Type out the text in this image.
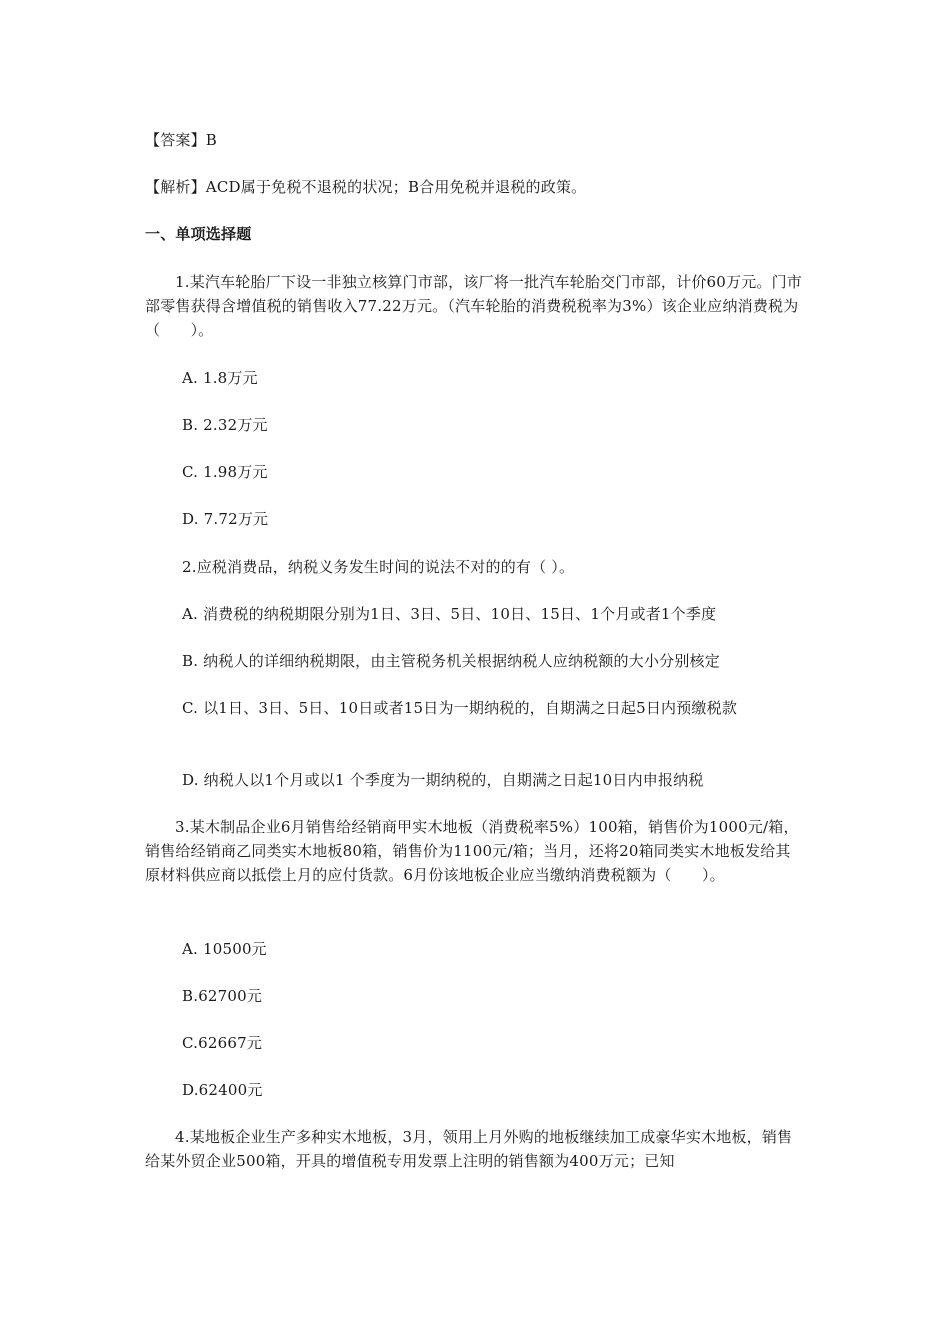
【答案】B
【解析】ACD属于免税不退税的状况；B合用免税并退税的政策。
一、单项选择题
1.某汽车轮胎厂下设一非独立核算门市部，该厂将一批汽车轮胎交门市部，计价60万元。门市部零售获得含增值税的销售收入77.22万元。（汽车轮胎的消费税税率为3%）该企业应纳消费税为（　　）。
A. 1.8万元
B. 2.32万元
C. 1.98万元
D. 7.72万元
2.应税消费品，纳税义务发生时间的说法不对的的有（ ）。
A. 消费税的纳税期限分别为1日、3日、5日、10日、15日、1个月或者1个季度
B. 纳税人的详细纳税期限，由主管税务机关根据纳税人应纳税额的大小分别核定
C. 以1日、3日、5日、10日或者15日为一期纳税的，自期满之日起5日内预缴税款
D. 纳税人以1个月或以1 个季度为一期纳税的，自期满之日起10日内申报纳税
3.某木制品企业6月销售给经销商甲实木地板（消费税率5%）100箱，销售价为1000元/箱，销售给经销商乙同类实木地板80箱，销售价为1100元/箱；当月，还将20箱同类实木地板发给其原材料供应商以抵偿上月的应付货款。6月份该地板企业应当缴纳消费税额为（　　）。
A. 10500元
B.62700元
C.62667元
D.62400元
4.某地板企业生产多种实木地板，3月，领用上月外购的地板继续加工成豪华实木地板，销售给某外贸企业500箱，开具的增值税专用发票上注明的销售额为400万元；已知
